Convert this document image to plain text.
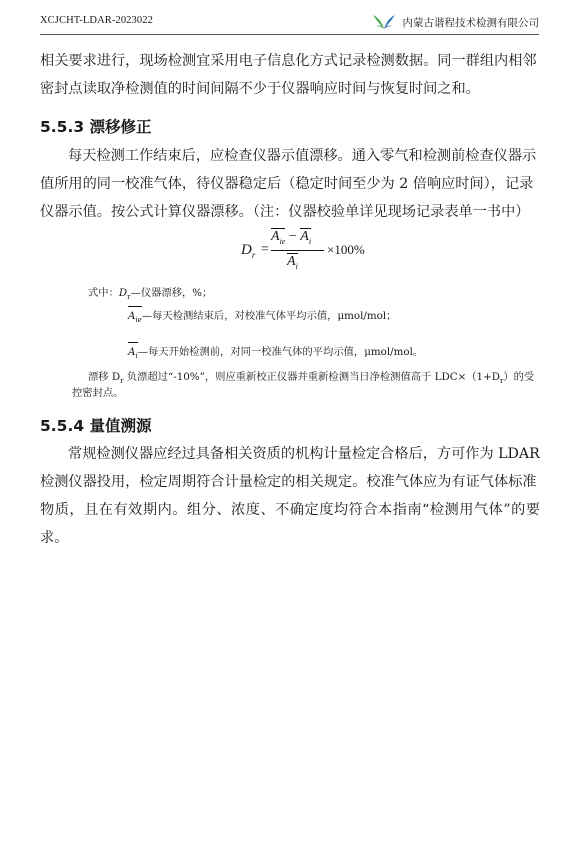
XCJCHT-LDAR-2023022	内蒙古谐程技术检测有限公司
相关要求进行，现场检测宜采用电子信息化方式记录检测数据。同一群组内相邻
密封点读取净检测值的时间间隔不少于仪器响应时间与恢复时间之和。
5.5.3 漂移修正
每天检测工作结束后，应检查仪器示值漂移。通入零气和检测前检查仪器示
值所用的同一校准气体，待仪器稳定后（稳定时间至少为 2 倍响应时间），记录
仪器示值。按公式计算仪器漂移。（注：仪器校验单详见现场记录表单一书中）
$D_r$ =
$A_{ie} - A_i$
$A_i$
×100%
式中：$D_r—$仪器漂移，%；
$A_{ie}—$每天检测结束后，对校准气体平均示值，μmol/mol；
$A_i—$每天开始检测前，对同一校准气体的平均示值，μmol/mol。
漂移 $D_r$ 负漂超过“-10%”，则应重新校正仪器并重新检测当日净检测值高于 $LDC\times(1+D_r)$的受
控密封点。
5.5.4 量值溯源
常规检测仪器应经过具备相关资质的机构计量检定合格后，方可作为 LDAR
检测仪器投用，检定周期符合计量检定的相关规定。校准气体应为有证气体标准
物质，且在有效期内。组分、浓度、不确定度均符合本指南“检测用气体”的要求。
